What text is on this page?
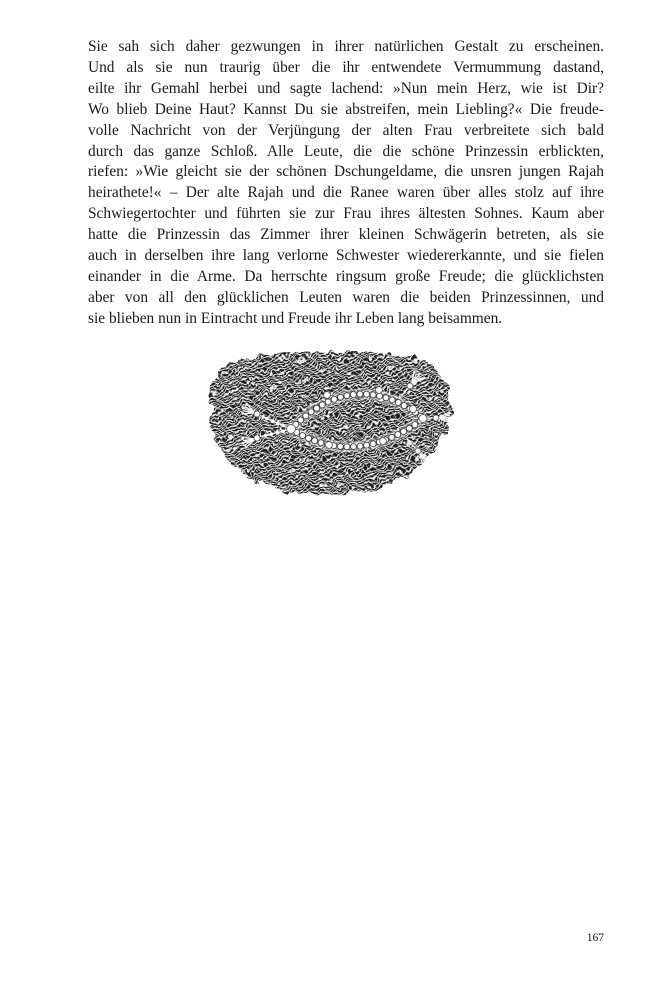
Sie sah sich daher gezwungen in ihrer natürlichen Gestalt zu erscheinen.
Und als sie nun traurig über die ihr entwendete Vermummung dastand,
eilte ihr Gemahl herbei und sagte lachend: »Nun mein Herz, wie ist Dir?
Wo blieb Deine Haut? Kannst Du sie abstreifen, mein Liebling?« Die freude-
volle Nachricht von der Verjüngung der alten Frau verbreitete sich bald
durch das ganze Schloß. Alle Leute, die die schöne Prinzessin erblickten,
riefen: »Wie gleicht sie der schönen Dschungeldame, die unsren jungen Rajah
heirathete!« – Der alte Rajah und die Ranee waren über alles stolz auf ihre
Schwiegertochter und führten sie zur Frau ihres ältesten Sohnes. Kaum aber
hatte die Prinzessin das Zimmer ihrer kleinen Schwägerin betreten, als sie
auch in derselben ihre lang verlorne Schwester wiedererkannte, und sie fielen
einander in die Arme. Da herrschte ringsum große Freude; die glücklichsten
aber von all den glücklichen Leuten waren die beiden Prinzessinnen, und
sie blieben nun in Eintracht und Freude ihr Leben lang beisammen.
167
